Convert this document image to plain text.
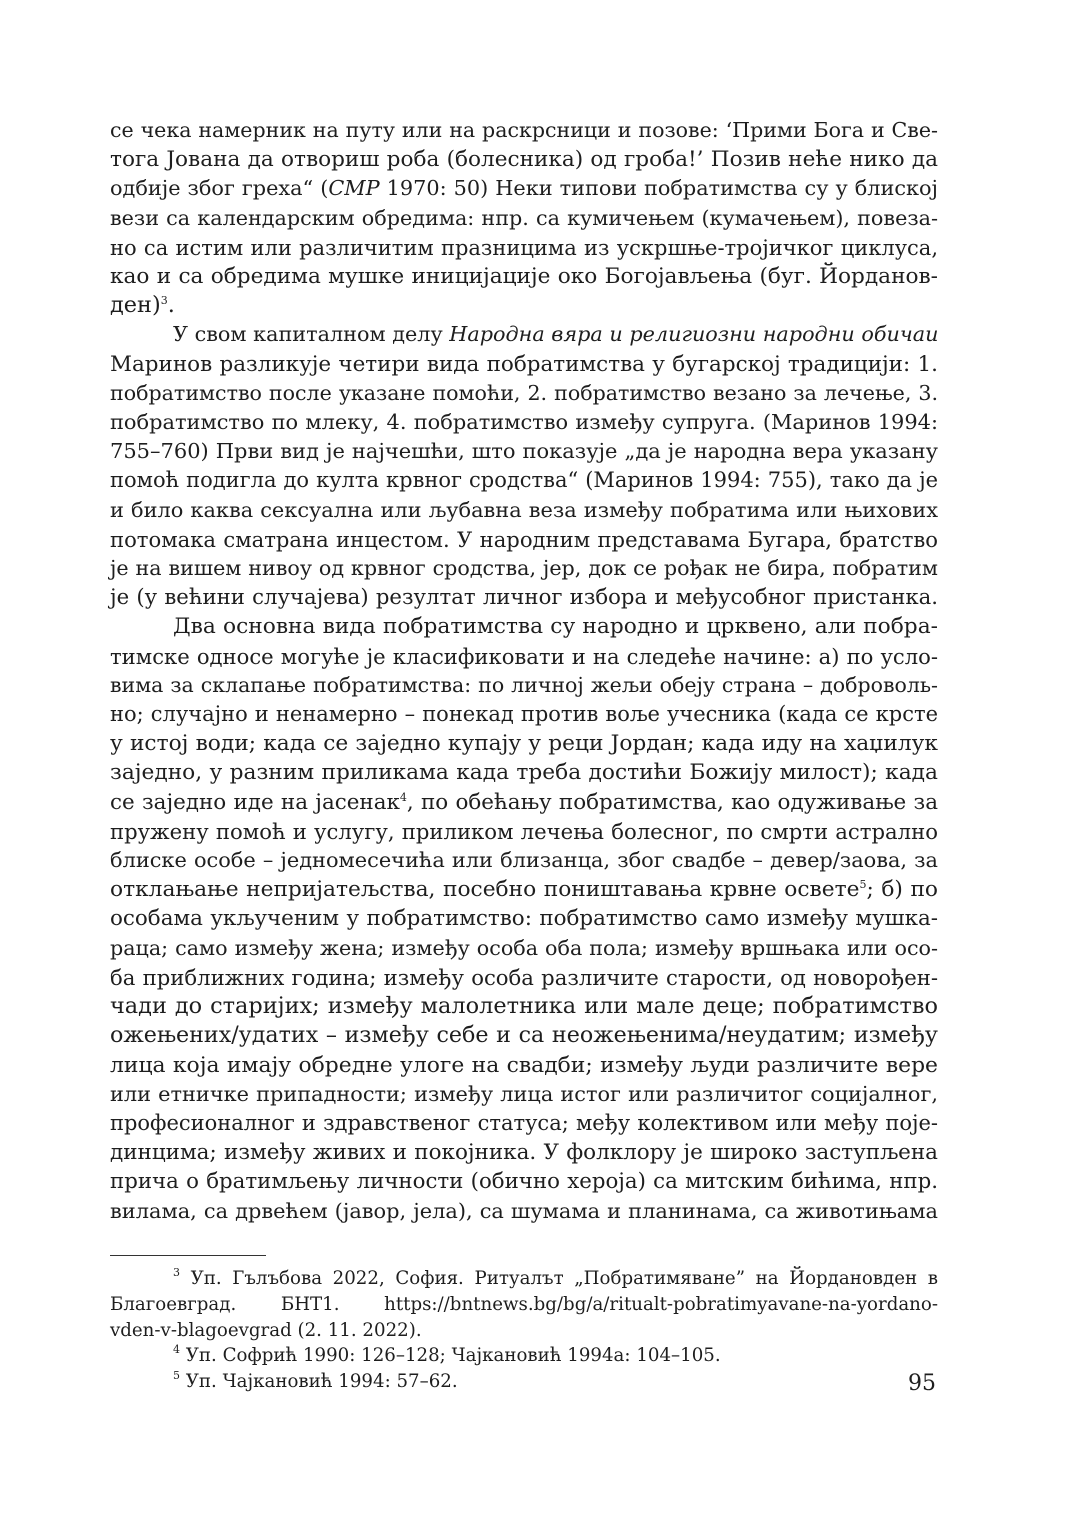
се чека намерник на путу или на раскрсници и позове: ‘Прими Бога и Све-
тога Јована да отвориш роба (болесника) од гроба!’ Позив неће нико да
одбије због греха“ (СМР 1970: 50) Неки типови побратимства су у блиској
вези са календарским обредима: нпр. са кумичењем (кумачењем), повеза-
но са истим или различитим празницима из ускршње-тројичког циклуса,
као и са обредима мушке иницијације око Богојављења (буг. Йорданов-
ден)$^3$.
У свом капиталном делу Народна вяра и религиозни народни обичаи
Маринов разликује четири вида побратимства у бугарској традицији: 1.
побратимство после указане помоћи, 2. побратимство везано за лечење, 3.
побратимство по млеку, 4. побратимство између супруга. (Маринов 1994:
755–760) Први вид је најчешћи, што показује „да је народна вера указану
помоћ подигла до култа крвног сродства“ (Маринов 1994: 755), тако да је
и било каква сексуална или љубавна веза између побратима или њихових
потомака сматрана инцестом. У народним представама Бугара, братство
је на вишем нивоу од крвног сродства, јер, док се рођак не бира, побратим
је (у већини случајева) резултат личног избора и међусобног пристанка.
Два основна вида побратимства су народно и црквено, али побра-
тимске односе могуће је класификовати и на следеће начине: а) по усло-
вима за склапање побратимства: по личној жељи обеју страна – доброволь-
но; случајно и ненамерно – понекад против воље учесника (када се крсте
у истој води; када се заједно купају у реци Јордан; када иду на хаџилук
заједно, у разним приликама када треба достићи Божију милост); када
се заједно иде на јасенак$^4$, по обећању побратимства, као одуживање за
пружену помоћ и услугу, приликом лечења болесног, по смрти астрално
блиске особе – једномесечића или близанца, због свадбе – девер/заова, за
отклањање непријатељства, посебно поништавања крвне освете$^5$; б) по
особама укљученим у побратимство: побратимство само између мушка-
раца; само између жена; између особа оба пола; између вршњака или осо-
ба приближних година; између особа различите старости, од новорођен-
чади до старијих; између малолетника или мале деце; побратимство
ожењених/удатих – између себе и са неожењенима/неудатим; између
лица која имају обредне улоге на свадби; између људи различите вере
или етничке припадности; између лица истог или различитог социјалног,
професионалног и здравственог статуса; међу колективом или међу поје-
динцима; између живих и покојника. У фолклору је широко заступљена
прича о братимљењу личности (обично хероја) са митским бићима, нпр.
вилама, са дрвећем (јавор, јела), са шумама и планинама, са животињама
$^3$ Уп. Гълъбова 2022, София. Ритуалът „Побратимяване” на Йордановден в
Благоевград. БНТ1. https://bntnews.bg/bg/a/ritualt-pobratimyavane-na-yordano-
vden-v-blagoevgrad (2. 11. 2022).
$^4$ Уп. Софрић 1990: 126–128; Чајкановић 1994а: 104–105.
$^5$ Уп. Чајкановић 1994: 57–62.	95
